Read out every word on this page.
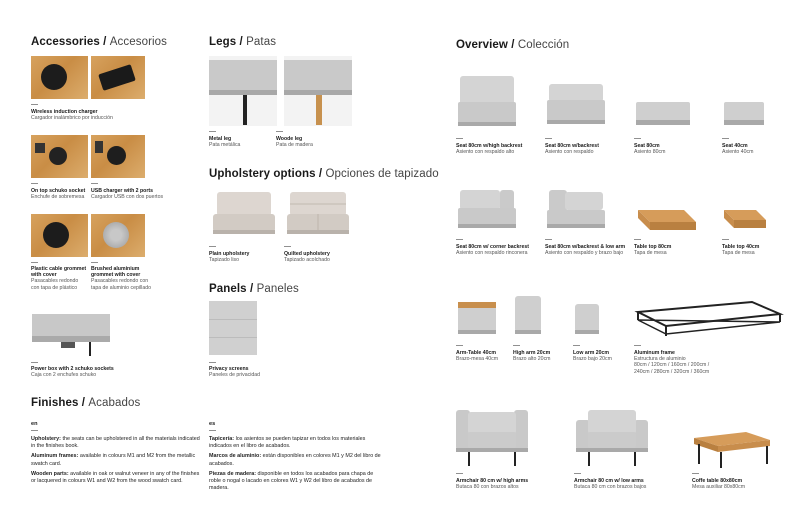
Accessories / Accesorios
—
Wireless induction charger
Cargador inalámbrico por inducción
—
On top schuko socket
Enchufe de sobremesa
—
USB charger with 2 ports
Cargador USB con dos puertos
—
Plastic cable grommet with cover
Pasacables redondo con tapa de plástico
—
Brushed aluminium grommet with cover
Pasacables redondo con tapa de aluminio cepillado
—
Power box with 2 schuko sockets
Caja con 2 enchufes schuko
Legs / Patas
—
Metal leg
Pata metálica
—
Woode leg
Pata de madera
Upholstery options / Opciones de tapizado
—
Plain upholstery
Tapizado liso
—
Quilted upholstery
Tapizado acolchado
Panels / Paneles
—
Privacy screens
Paneles de privacidad
Overview / Colección
—
Seat 80cm w/high backrest
Asiento con respaldo alto
—
Seat 80cm w/backrest
Asiento con respaldo
—
Seat 80cm
Asiento 80cm
—
Seat 40cm
Asiento 40cm
—
Seat 80cm w/ corner backrest
Asiento con respaldo rinconera
—
Seat 80cm w/backrest & low arm
Asiento con respaldo y brazo bajo
—
Table top 80cm
Tapa de mesa
—
Table top 40cm
Tapa de mesa
—
Arm-Table 40cm
Brazo-mesa 40cm
—
High arm 20cm
Brazo alto 20cm
—
Low arm 20cm
Brazo bajo 20cm
—
Aluminum frame
Estructura de aluminio
80cm / 120cm / 160cm / 200cm /
240cm / 280cm / 320cm / 360cm
—
Armchair 80 cm w/ high arms
Butaca 80 con brazos altos
—
Armchair 80 cm w/ low arms
Butaca 80 cm con brazos bajos
—
Coffe table 80x80cm
Mesa auxiliar 80x80cm
Finishes / Acabados
en
—
Upholstery: the seats can be upholstered in all the materials indicated in the finishes book.
Aluminum frames: available in colours M1 and M2 from the metallic swatch card.
Wooden parts: available in oak or walnut veneer in any of the finishes or lacquered in colours W1 and W2 from the wood swatch card.
es
—
Tapicería: los asientos se pueden tapizar en todos los materiales indicados en el libro de acabados.
Marcos de aluminio: están disponibles en colores M1 y M2 del libro de acabados.
Piezas de madera: disponible en todos los acabados para chapa de roble o nogal o lacado en colores W1 y W2 del libro de acabados de madera.
